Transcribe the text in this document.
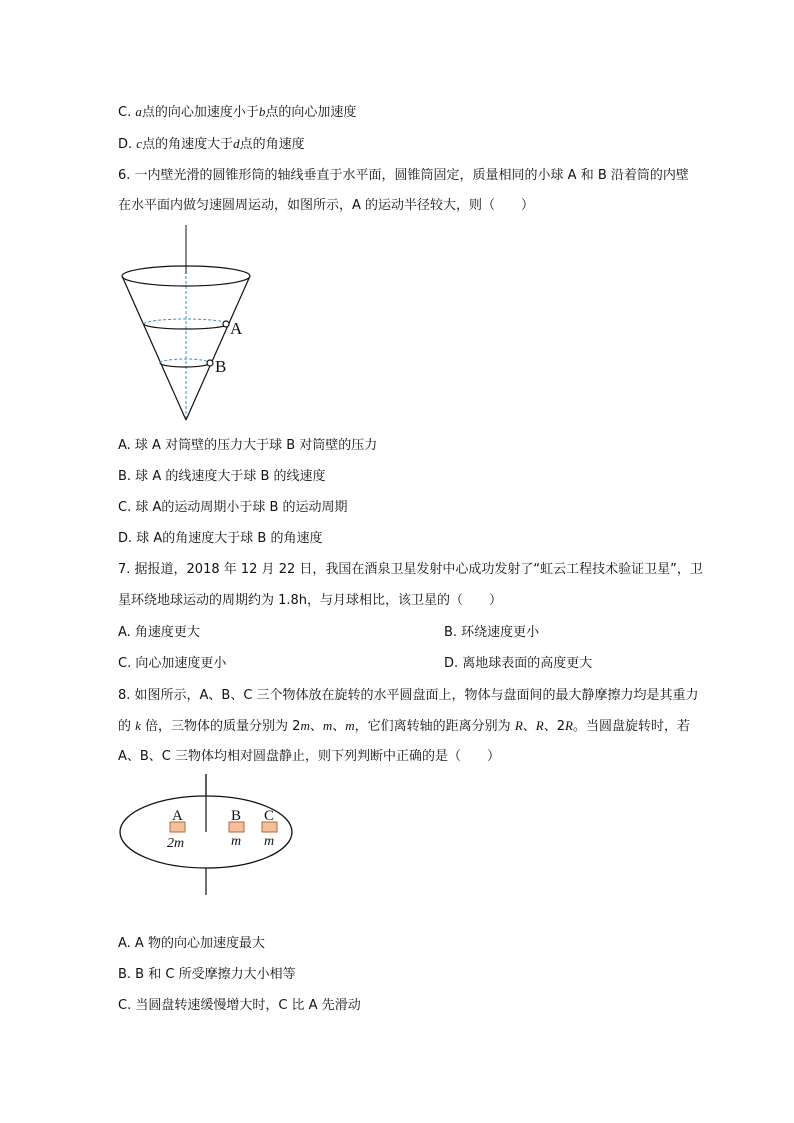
C. a点的向心加速度小于b点的向心加速度
D. c点的角速度大于d点的角速度
6. 一内壁光滑的圆锥形筒的轴线垂直于水平面，圆锥筒固定，质量相同的小球 A 和 B 沿着筒的内壁
在水平面内做匀速圆周运动，如图所示，A 的运动半径较大，则（　　）
A
B
A. 球 A 对筒壁的压力大于球 B 对筒壁的压力
B. 球 A 的线速度大于球 B 的线速度
C. 球 A的运动周期小于球 B 的运动周期
D. 球 A的角速度大于球 B 的角速度
7. 据报道，2018 年 12 月 22 日，我国在酒泉卫星发射中心成功发射了“虹云工程技术验证卫星”，卫
星环绕地球运动的周期约为 1.8h，与月球相比，该卫星的（　　）
A. 角速度更大	B. 环绕速度更小
C. 向心加速度更小	D. 离地球表面的高度更大
8. 如图所示，A、B、C 三个物体放在旋转的水平圆盘面上，物体与盘面间的最大静摩擦力均是其重力
的 k 倍，三物体的质量分别为 2m、m、m，它们离转轴的距离分别为 R、R、2R。当圆盘旋转时，若
A、B、C 三物体均相对圆盘静止，则下列判断中正确的是（　　）
A	B C
2m	m m
A. A 物的向心加速度最大
B. B 和 C 所受摩擦力大小相等
C. 当圆盘转速缓慢增大时，C 比 A 先滑动
